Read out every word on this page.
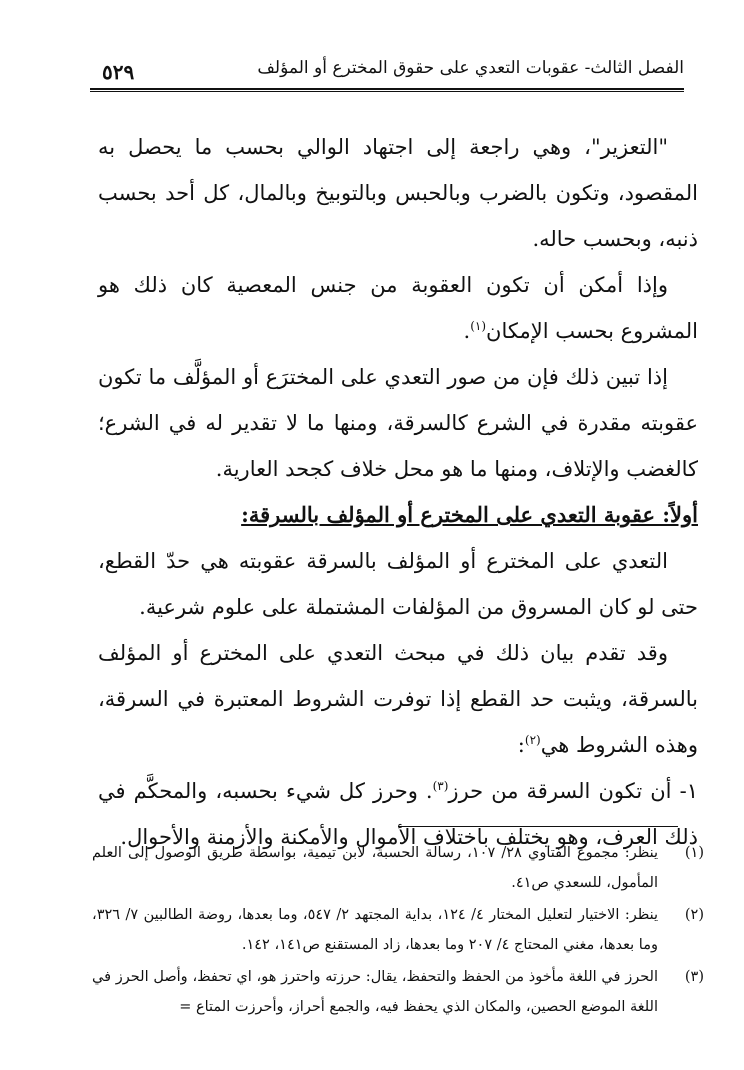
الفصل الثالث- عقوبات التعدي على حقوق المخترع أو المؤلف
٥٢٩

"التعزير"، وهي راجعة إلى اجتهاد الوالي بحسب ما يحصل به المقصود، وتكون بالضرب وبالحبس وبالتوبيخ وبالمال، كل أحد بحسب ذنبه، وبحسب حاله.

وإذا أمكن أن تكون العقوبة من جنس المعصية كان ذلك هو المشروع بحسب الإمكان$^{(١)}$.

إذا تبين ذلك فإن من صور التعدي على المخترَع أو المؤلَّف ما تكون عقوبته مقدرة في الشرع كالسرقة، ومنها ما لا تقدير له في الشرع؛ كالغضب والإتلاف، ومنها ما هو محل خلاف كجحد العارية.

أولاً: عقوبة التعدي على المخترع أو المؤلف بالسرقة:

التعدي على المخترع أو المؤلف بالسرقة عقوبته هي حدّ القطع، حتى لو كان المسروق من المؤلفات المشتملة على علوم شرعية.

وقد تقدم بيان ذلك في مبحث التعدي على المخترع أو المؤلف بالسرقة، ويثبت حد القطع إذا توفرت الشروط المعتبرة في السرقة، وهذه الشروط هي$^{(٢)}$:

١- أن تكون السرقة من حرز$^{(٣)}$. وحرز كل شيء بحسبه، والمحكَّم في ذلك العرف، وهو يختلف باختلاف الأموال والأمكنة والأزمنة والأحوال.

(١)
ينظر: مجموع الفتاوي ٢٨/ ١٠٧، رسالة الحسبة، لابن تيمية، بواسطة طريق الوصول إلى العلم المأمول، للسعدي ص٤١.
(٢)
ينظر: الاختيار لتعليل المختار ٤/ ١٢٤، بداية المجتهد ٢/ ٥٤٧، وما بعدها، روضة الطالبين ٧/ ٣٢٦، وما بعدها، مغني المحتاج ٤/ ٢٠٧ وما بعدها، زاد المستقنع ص١٤١، ١٤٢.
(٣)
الحرز في اللغة مأخوذ من الحفظ والتحفظ، يقال: حرزته واحترز هو، اي تحفظ، وأصل الحرز في اللغة الموضع الحصين، والمكان الذي يحفظ فيه، والجمع أحراز، وأحرزت المتاع =
